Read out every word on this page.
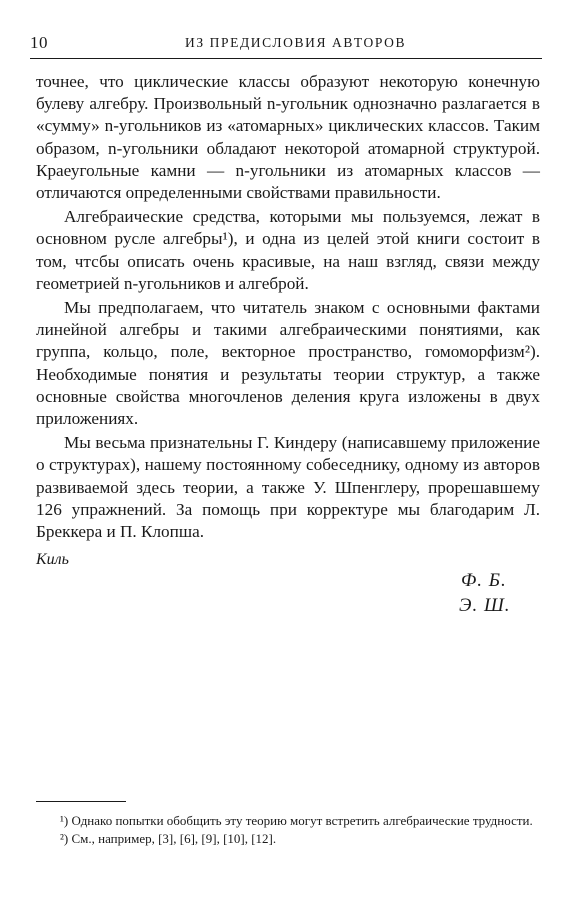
10	ИЗ ПРЕДИСЛОВИЯ АВТОРОВ

точнее, что циклические классы образуют некоторую конечную булеву алгебру. Произвольный n-угольник однозначно разлагается в «сумму» n-угольников из «атомарных» циклических классов. Таким образом, n-угольники обладают некоторой атомарной структурой. Краеугольные камни — n-угольники из атомарных классов — отличаются определенными свойствами правильности.

Алгебраические средства, которыми мы пользуемся, лежат в основном русле алгебры¹), и одна из целей этой книги состоит в том, чтсбы описать очень красивые, на наш взгляд, связи между геометрией n-угольников и алгеброй.

Мы предполагаем, что читатель знаком с основными фактами линейной алгебры и такими алгебраическими понятиями, как группа, кольцо, поле, векторное пространство, гомоморфизм²). Необходимые понятия и результаты теории структур, а также основные свойства многочленов деления круга изложены в двух приложениях.

Мы весьма признательны Г. Киндеру (написавшему приложение о структурах), нашему постоянному собеседнику, одному из авторов развиваемой здесь теории, а также У. Шпенглеру, прорешавшему 126 упражнений. За помощь при корректуре мы благодарим Л. Бреккера и П. Клопша.

Киль
Ф. Б.
Э. Ш.

¹) Однако попытки обобщить эту теорию могут встретить алгебраические трудности.

²) См., например, [3], [6], [9], [10], [12].
